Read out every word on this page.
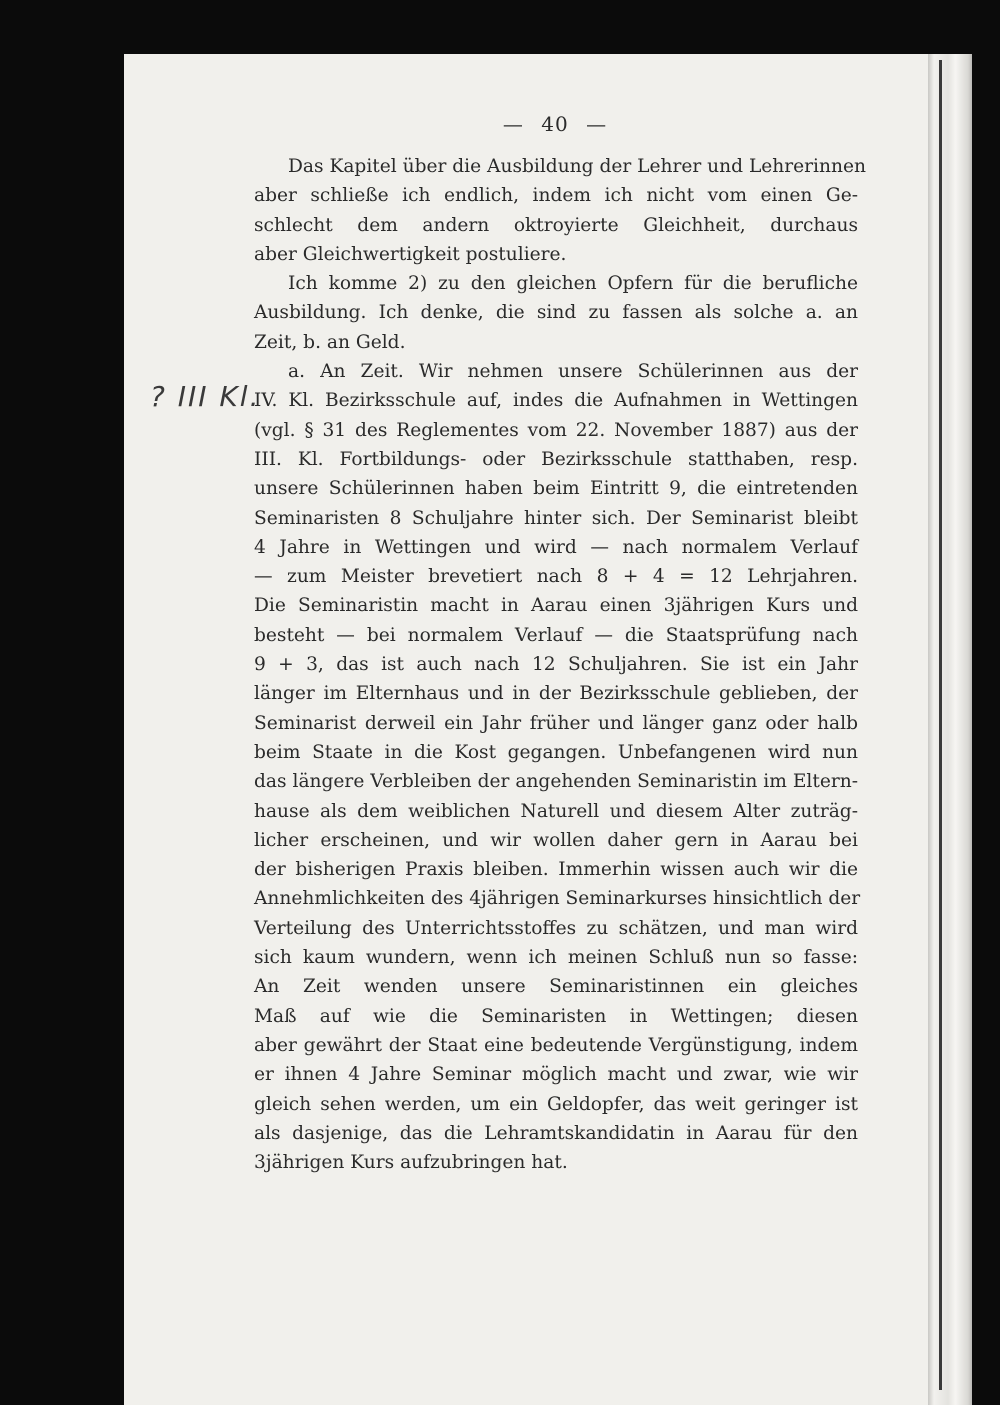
— 40 —
? III Kl.
Das Kapitel über die Ausbildung der Lehrer und Lehrerinnen
aber schließe ich endlich, indem ich nicht vom einen Ge-
schlecht dem andern oktroyierte Gleichheit, durchaus
aber Gleichwertigkeit postuliere.
Ich komme 2) zu den gleichen Opfern für die berufliche
Ausbildung. Ich denke, die sind zu fassen als solche a. an
Zeit, b. an Geld.
a. An Zeit. Wir nehmen unsere Schülerinnen aus der
IV. Kl. Bezirksschule auf, indes die Aufnahmen in Wettingen
(vgl. § 31 des Reglementes vom 22. November 1887) aus der
III. Kl. Fortbildungs- oder Bezirksschule statthaben, resp.
unsere Schülerinnen haben beim Eintritt 9, die eintretenden
Seminaristen 8 Schuljahre hinter sich. Der Seminarist bleibt
4 Jahre in Wettingen und wird — nach normalem Verlauf
— zum Meister brevetiert nach 8 + 4 = 12 Lehrjahren.
Die Seminaristin macht in Aarau einen 3jährigen Kurs und
besteht — bei normalem Verlauf — die Staatsprüfung nach
9 + 3, das ist auch nach 12 Schuljahren. Sie ist ein Jahr
länger im Elternhaus und in der Bezirksschule geblieben, der
Seminarist derweil ein Jahr früher und länger ganz oder halb
beim Staate in die Kost gegangen. Unbefangenen wird nun
das längere Verbleiben der angehenden Seminaristin im Eltern-
hause als dem weiblichen Naturell und diesem Alter zuträg-
licher erscheinen, und wir wollen daher gern in Aarau bei
der bisherigen Praxis bleiben. Immerhin wissen auch wir die
Annehmlichkeiten des 4jährigen Seminarkurses hinsichtlich der
Verteilung des Unterrichtsstoffes zu schätzen, und man wird
sich kaum wundern, wenn ich meinen Schluß nun so fasse:
An Zeit wenden unsere Seminaristinnen ein gleiches
Maß auf wie die Seminaristen in Wettingen; diesen
aber gewährt der Staat eine bedeutende Vergünstigung, indem
er ihnen 4 Jahre Seminar möglich macht und zwar, wie wir
gleich sehen werden, um ein Geldopfer, das weit geringer ist
als dasjenige, das die Lehramtskandidatin in Aarau für den
3jährigen Kurs aufzubringen hat.
